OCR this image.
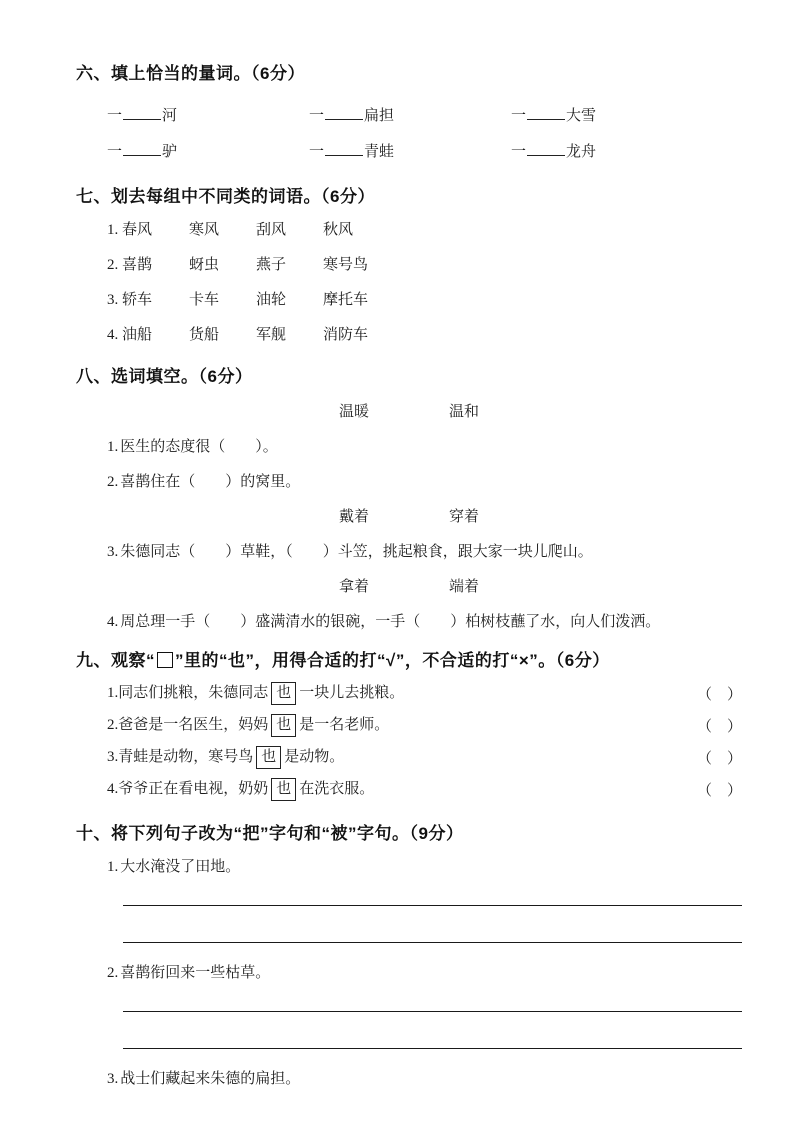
六、填上恰当的量词。（6分）
一	河	一	扁担	一	大雪
一	驴	一	青蛙	一	龙舟
七、划去每组中不同类的词语。（6分）
1. 春风 寒风 刮风 秋风
2. 喜鹊 蚜虫 燕子 寒号鸟
3. 轿车 卡车 油轮 摩托车
4. 油船 货船 军舰 消防车
八、选词填空。（6分）
温暖	温和
1. 医生的态度很（　　）。
2. 喜鹊住在（　　）的窝里。
戴着	穿着
3. 朱德同志（　　）草鞋，（　　）斗笠，挑起粮食，跟大家一块儿爬山。
拿着	端着
4. 周总理一手（　　）盛满清水的银碗，一手（　　）柏树枝蘸了水，向人们泼洒。
九、观察“ ”里的“也”，用得合适的打“√”，不合适的打“×”。（6分）
1.同志们挑粮，朱德同志 也 一块儿去挑粮。	（　）
2.爸爸是一名医生，妈妈 也 是一名老师。	（　）
3.青蛙是动物，寒号鸟 也 是动物。	（　）
4.爷爷正在看电视，奶奶 也 在洗衣服。	（　）
十、将下列句子改为“把”字句和“被”字句。（9分）
1. 大水淹没了田地。
2. 喜鹊衔回来一些枯草。
3. 战士们藏起来朱德的扁担。
